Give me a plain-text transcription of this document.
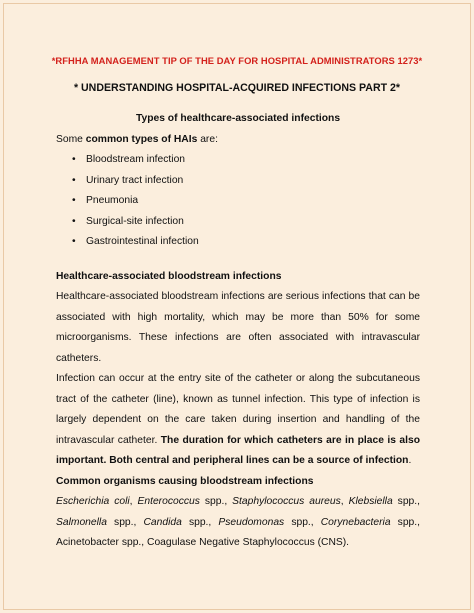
*RFHHA MANAGEMENT TIP OF THE DAY FOR HOSPITAL ADMINISTRATORS 1273*
* UNDERSTANDING HOSPITAL-ACQUIRED INFECTIONS PART 2*

Types of healthcare-associated infections

Some common types of HAIs are:

• Bloodstream infection
• Urinary tract infection
• Pneumonia
• Surgical-site infection
• Gastrointestinal infection

Healthcare-associated bloodstream infections

Healthcare-associated bloodstream infections are serious infections that can be
associated with high mortality, which may be more than 50% for some
microorganisms. These infections are often associated with intravascular
catheters.
Infection can occur at the entry site of the catheter or along the subcutaneous
tract of the catheter (line), known as tunnel infection. This type of infection is
largely dependent on the care taken during insertion and handling of the
intravascular catheter. The duration for which catheters are in place is also
important. Both central and peripheral lines can be a source of infection.

Common organisms causing bloodstream infections

Escherichia coli, Enterococcus spp., Staphylococcus aureus, Klebsiella spp.,
Salmonella spp., Candida spp., Pseudomonas spp., Corynebacteria spp.,
Acinetobacter spp., Coagulase Negative Staphylococcus (CNS).
